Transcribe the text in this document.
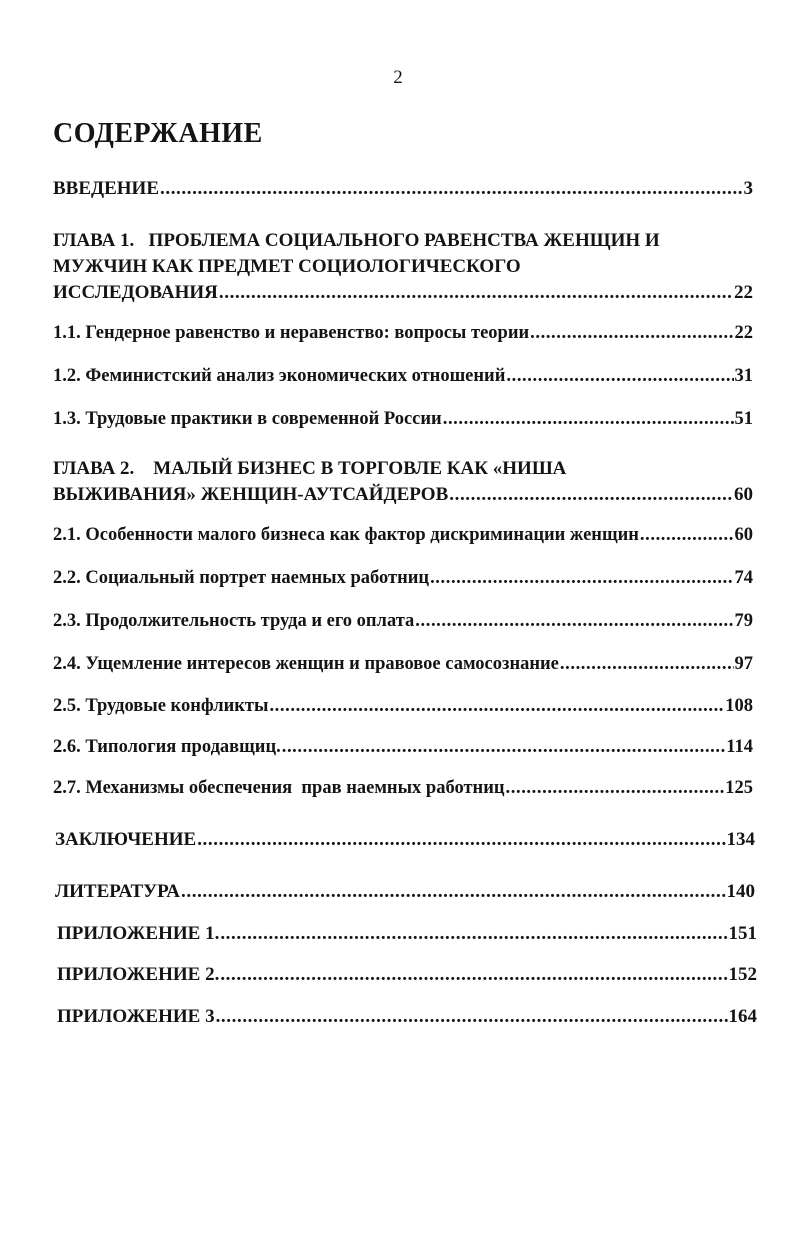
2
СОДЕРЖАНИЕ
ВВЕДЕНИЕ .....	3
ГЛАВА 1.   ПРОБЛЕМА СОЦИАЛЬНОГО РАВЕНСТВА ЖЕНЩИН И
МУЖЧИН КАК ПРЕДМЕТ СОЦИОЛОГИЧЕСКОГО
ИССЛЕДОВАНИЯ .....	22
1.1. Гендерное равенство и неравенство: вопросы теории .....	22
1.2. Феминистский анализ экономических отношений .....	31
1.3. Трудовые практики в современной России .....	51
ГЛАВА 2.    МАЛЫЙ БИЗНЕС В ТОРГОВЛЕ КАК «НИША
ВЫЖИВАНИЯ» ЖЕНЩИН-АУТСАЙДЕРОВ .....	60
2.1. Особенности малого бизнеса как фактор дискриминации женщин .....	60
2.2. Социальный портрет наемных работниц .....	74
2.3. Продолжительность труда и его оплата .....	79
2.4. Ущемление интересов женщин и правовое самосознание .....	97
2.5. Трудовые конфликты .....	108
2.6. Типология продавщиц. .....	114
2.7. Механизмы обеспечения  прав наемных работниц .....	125
ЗАКЛЮЧЕНИЕ .....	134
ЛИТЕРАТУРА .....	140
ПРИЛОЖЕНИЕ 1. .....	151
ПРИЛОЖЕНИЕ 2. .....	152
ПРИЛОЖЕНИЕ 3 .....	164
